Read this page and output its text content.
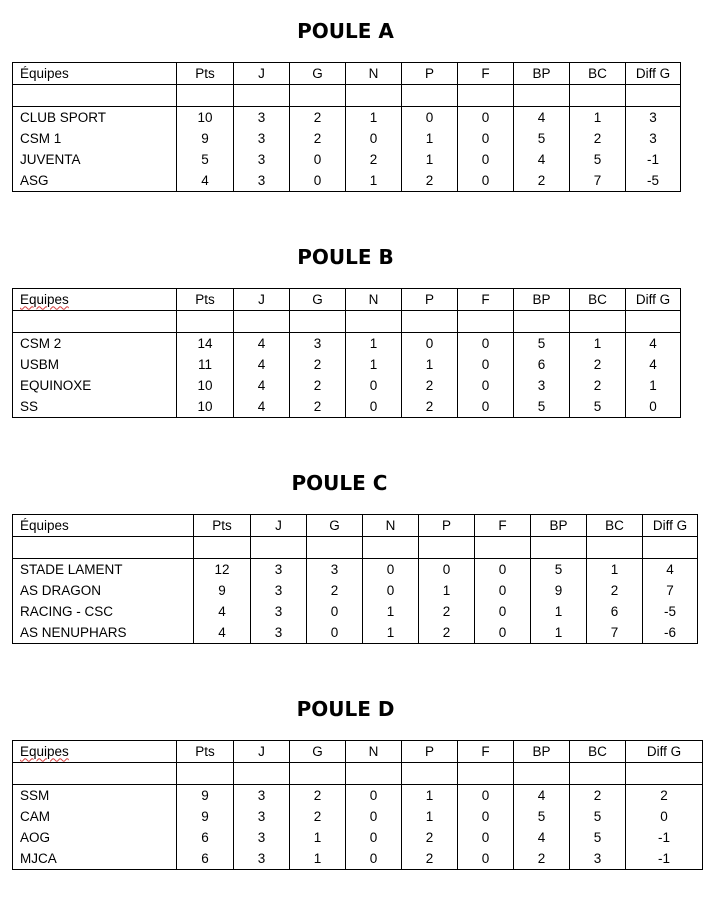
POULE A
Équipes	Pts	J	G	N	P	F	BP	BC	Diff G

CLUB SPORT	10	3	2	1	0	0	4	1	3
CSM 1	9	3	2	0	1	0	5	2	3
JUVENTA	5	3	0	2	1	0	4	5	-1
ASG	4	3	0	1	2	0	2	7	-5
POULE B
Equipes	Pts	J	G	N	P	F	BP	BC	Diff G

CSM 2	14	4	3	1	0	0	5	1	4
USBM	11	4	2	1	1	0	6	2	4
EQUINOXE	10	4	2	0	2	0	3	2	1
SS	10	4	2	0	2	0	5	5	0
POULE C
Équipes	Pts	J	G	N	P	F	BP	BC	Diff G

STADE LAMENT	12	3	3	0	0	0	5	1	4
AS DRAGON	9	3	2	0	1	0	9	2	7
RACING - CSC	4	3	0	1	2	0	1	6	-5
AS NENUPHARS	4	3	0	1	2	0	1	7	-6
POULE D
Equipes	Pts	J	G	N	P	F	BP	BC	Diff G

SSM	9	3	2	0	1	0	4	2	2
CAM	9	3	2	0	1	0	5	5	0
AOG	6	3	1	0	2	0	4	5	-1
MJCA	6	3	1	0	2	0	2	3	-1
